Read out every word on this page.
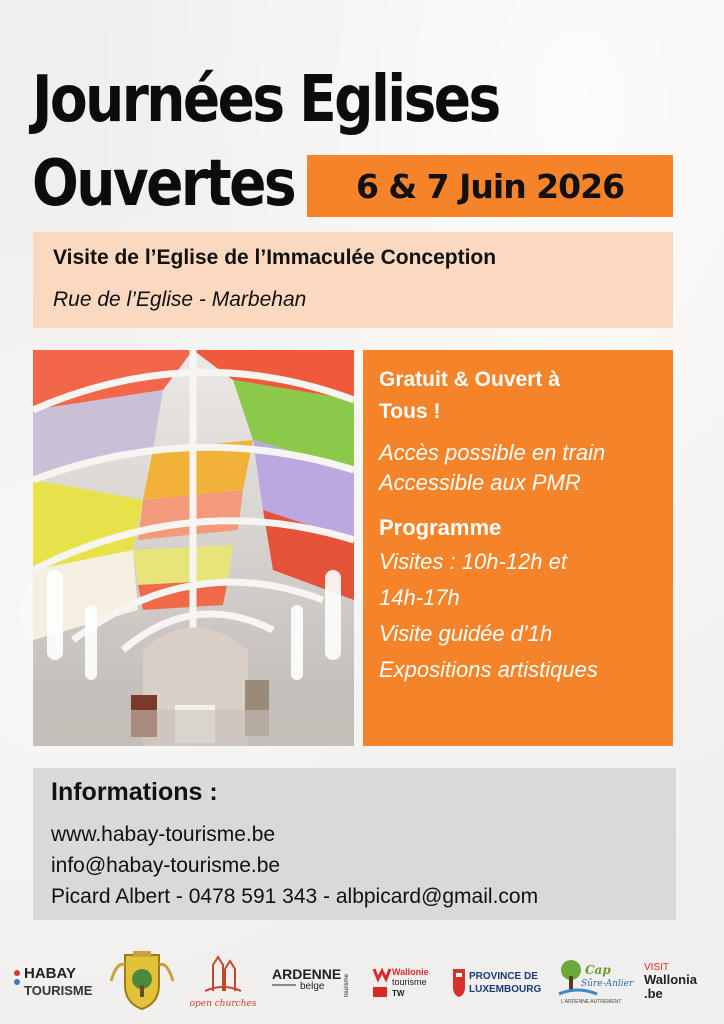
Journées Eglises
Ouvertes	6 & 7 Juin 2026
Visite de l’Eglise de l’Immaculée Conception
Rue de l’Eglise - Marbehan

Gratuit & Ouvert à
Tous !

Accès possible en train
Accessible aux PMR
Programme
Visites : 10h-12h et
14h-17h
Visite guidée d’1h
Expositions artistiques
Informations :
www.habay-tourisme.be
info@habay-tourisme.be
Picard Albert - 0478 591 343 - albpicard@gmail.com
HABAY
TOURISME
open churches
ARDENNE
belge	tourisme
Wallonie
tourisme
TW
PROVINCE DE
LUXEMBOURG
Cap
Sûre-Anlier
L'ARDENNE AUTREMENT
VISIT
Wallonia
.be
